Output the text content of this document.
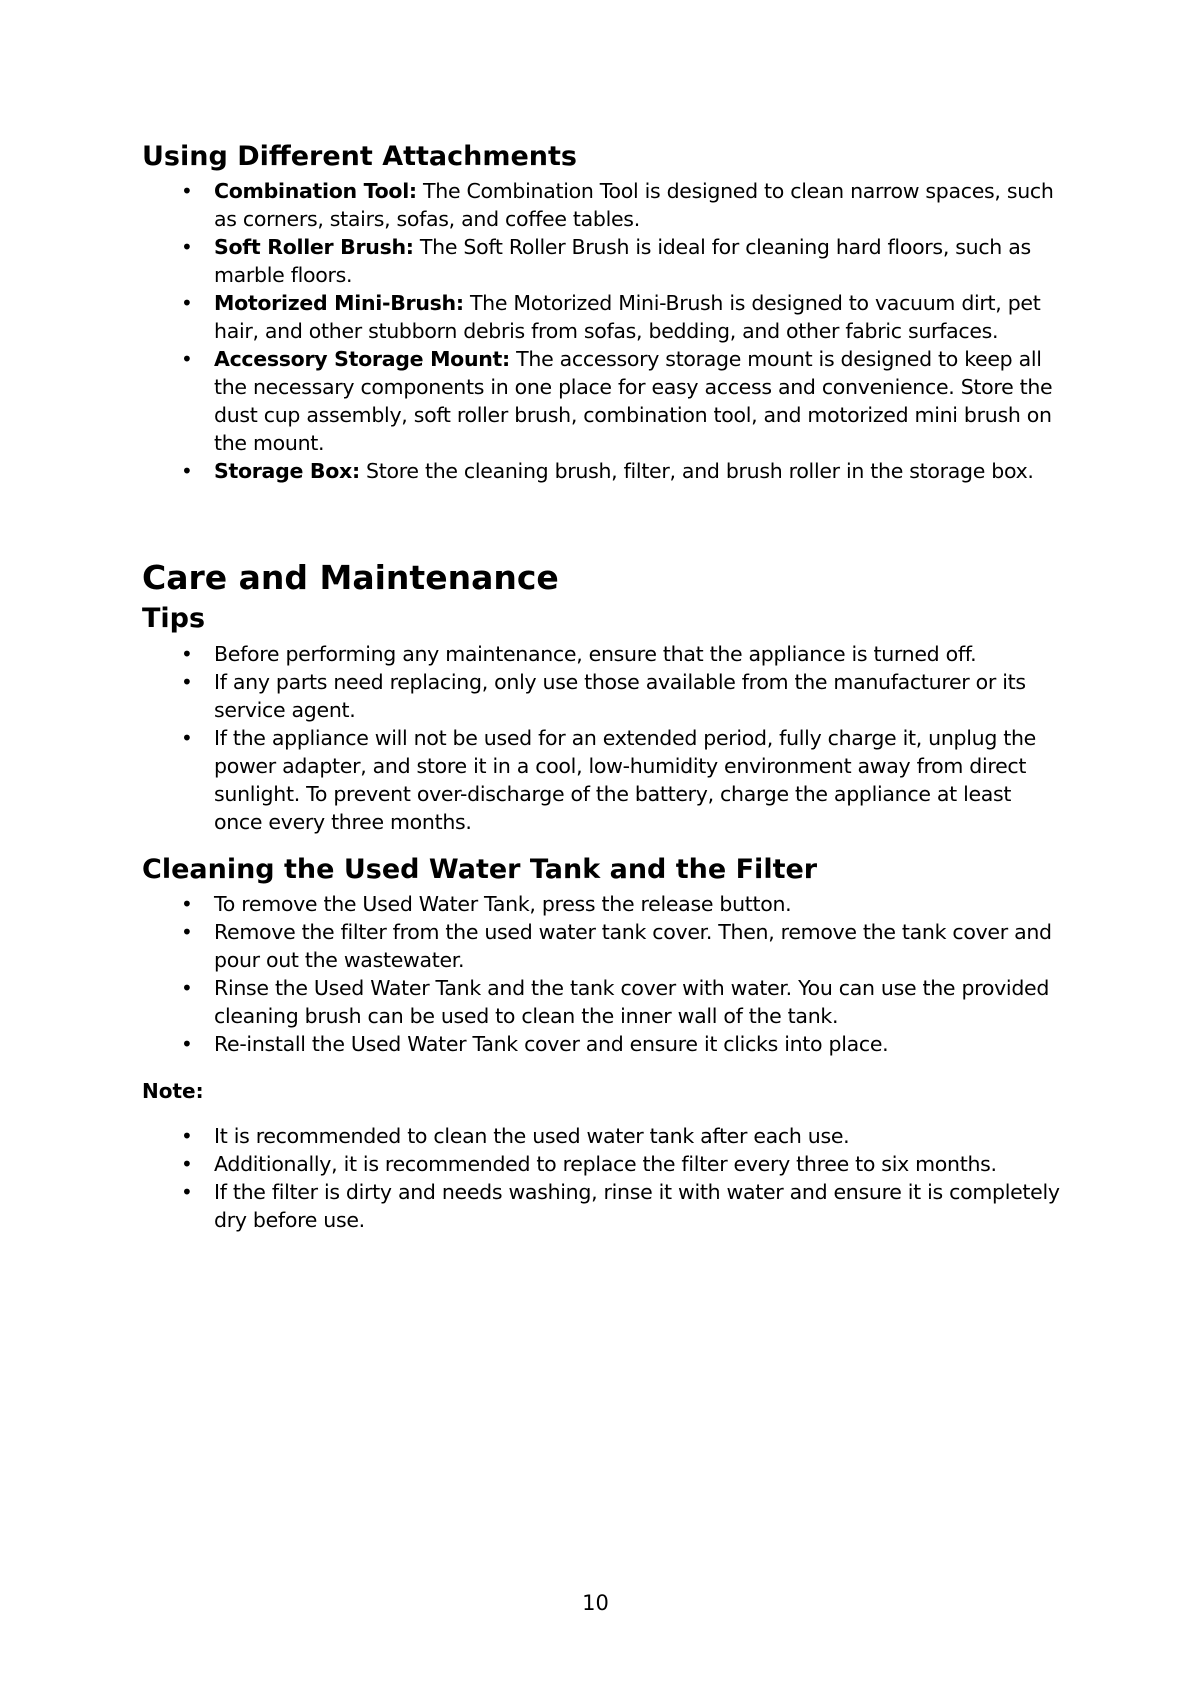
Using Different Attachments
• Combination Tool: The Combination Tool is designed to clean narrow spaces, such as corners, stairs, sofas, and coffee tables.
• Soft Roller Brush: The Soft Roller Brush is ideal for cleaning hard floors, such as marble floors.
• Motorized Mini-Brush: The Motorized Mini-Brush is designed to vacuum dirt, pet hair, and other stubborn debris from sofas, bedding, and other fabric surfaces.
• Accessory Storage Mount: The accessory storage mount is designed to keep all the necessary components in one place for easy access and convenience. Store the dust cup assembly, soft roller brush, combination tool, and motorized mini brush on the mount.
• Storage Box: Store the cleaning brush, filter, and brush roller in the storage box.
Care and Maintenance
Tips
• Before performing any maintenance, ensure that the appliance is turned off.
• If any parts need replacing, only use those available from the manufacturer or its service agent.
• If the appliance will not be used for an extended period, fully charge it, unplug the power adapter, and store it in a cool, low-humidity environment away from direct sunlight. To prevent over-discharge of the battery, charge the appliance at least once every three months.
Cleaning the Used Water Tank and the Filter
• To remove the Used Water Tank, press the release button.
• Remove the filter from the used water tank cover. Then, remove the tank cover and pour out the wastewater.
• Rinse the Used Water Tank and the tank cover with water. You can use the provided cleaning brush can be used to clean the inner wall of the tank.
• Re-install the Used Water Tank cover and ensure it clicks into place.

Note:

• It is recommended to clean the used water tank after each use.
• Additionally, it is recommended to replace the filter every three to six months.
• If the filter is dirty and needs washing, rinse it with water and ensure it is completely dry before use.
10
